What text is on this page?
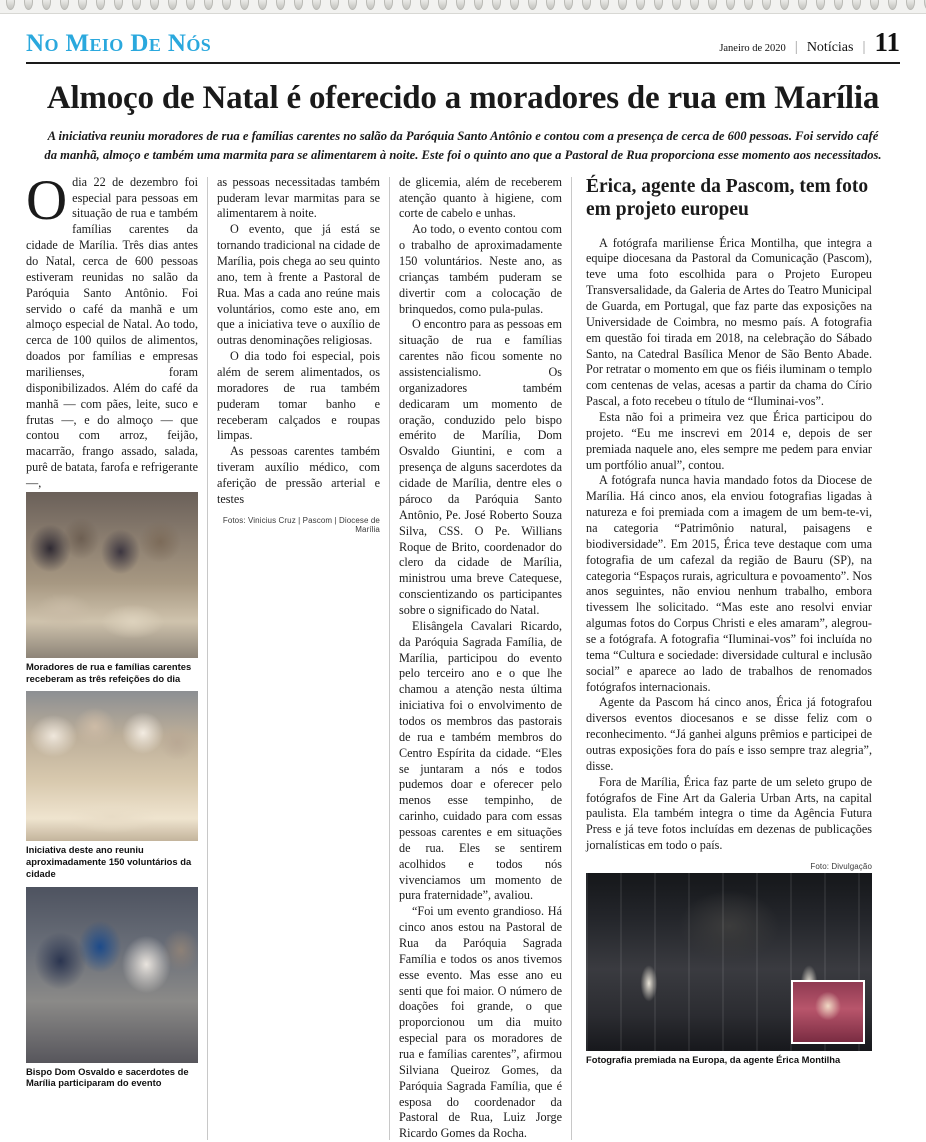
No Meio De Nós	Janeiro de 2020 | Notícias | 11
Almoço de Natal é oferecido a moradores de rua em Marília
A iniciativa reuniu moradores de rua e famílias carentes no salão da Paróquia Santo Antônio e contou com a presença de cerca de 600 pessoas. Foi servido café da manhã, almoço e também uma marmita para se alimentarem à noite. Este foi o quinto ano que a Pastoral de Rua proporciona esse momento aos necessitados.

Odia 22 de dezembro foi especial para pessoas em situação de rua e também famílias carentes da cidade de Marília. Três dias antes do Natal, cerca de 600 pessoas estiveram reunidas no salão da Paróquia Santo Antônio. Foi servido o café da manhã e um almoço especial de Natal. Ao todo, cerca de 100 quilos de alimentos, doados por famílias e empresas marilienses, foram disponibilizados. Além do café da manhã — com pães, leite, suco e frutas —, e do almoço — que contou com arroz, feijão, macarrão, frango assado, salada, purê de batata, farofa e refrigerante —,

Moradores de rua e famílias carentes receberam as três refeições do dia
Iniciativa deste ano reuniu aproximadamente 150 voluntários da cidade
Bispo Dom Osvaldo e sacerdotes de Marília participaram do evento

as pessoas necessitadas também puderam levar marmitas para se alimentarem à noite.

O evento, que já está se tornando tradicional na cidade de Marília, pois chega ao seu quinto ano, tem à frente a Pastoral de Rua. Mas a cada ano reúne mais voluntários, como este ano, em que a iniciativa teve o auxílio de outras denominações religiosas.

O dia todo foi especial, pois além de serem alimentados, os moradores de rua também puderam tomar banho e receberam calçados e roupas limpas.

As pessoas carentes também tiveram auxílio médico, com aferição de pressão arterial e testes

Fotos: Vinicius Cruz | Pascom | Diocese de Marília

de glicemia, além de receberem atenção quanto à higiene, com corte de cabelo e unhas.

Ao todo, o evento contou com o trabalho de aproximadamente 150 voluntários. Neste ano, as crianças também puderam se divertir com a colocação de brinquedos, como pula-pulas.

O encontro para as pessoas em situação de rua e famílias carentes não ficou somente no assistencialismo. Os organizadores também dedicaram um momento de oração, conduzido pelo bispo emérito de Marília, Dom Osvaldo Giuntini, e com a presença de alguns sacerdotes da cidade de Marília, dentre eles o pároco da Paróquia Santo Antônio, Pe. José Roberto Souza Silva, CSS. O Pe. Willians Roque de Brito, coordenador do clero da cidade de Marília, ministrou uma breve Catequese, conscientizando os participantes sobre o significado do Natal.

Elisângela Cavalari Ricardo, da Paróquia Sagrada Família, de Marília, participou do evento pelo terceiro ano e o que lhe chamou a atenção nesta última iniciativa foi o envolvimento de todos os membros das pastorais de rua e também membros do Centro Espírita da cidade. “Eles se juntaram a nós e todos pudemos doar e oferecer pelo menos esse tempinho, de carinho, cuidado para com essas pessoas carentes e em situações de rua. Eles se sentirem acolhidos e todos nós vivenciamos um momento de pura fraternidade”, avaliou.

“Foi um evento grandioso. Há cinco anos estou na Pastoral de Rua da Paróquia Sagrada Família e todos os anos tivemos esse evento. Mas esse ano eu senti que foi maior. O número de doações foi grande, o que proporcionou um dia muito especial para os moradores de rua e famílias carentes”, afirmou Silviana Queiroz Gomes, da Paróquia Sagrada Família, que é esposa do coordenador da Pastoral de Rua, Luiz Jorge Ricardo Gomes da Rocha.

Érica, agente da Pascom, tem foto em projeto europeu

A fotógrafa mariliense Érica Montilha, que integra a equipe diocesana da Pastoral da Comunicação (Pascom), teve uma foto escolhida para o Projeto Europeu Transversalidade, da Galeria de Artes do Teatro Municipal de Guarda, em Portugal, que faz parte das exposições na Universidade de Coimbra, no mesmo país. A fotografia em questão foi tirada em 2018, na celebração do Sábado Santo, na Catedral Basílica Menor de São Bento Abade. Por retratar o momento em que os fiéis iluminam o templo com centenas de velas, acesas a partir da chama do Círio Pascal, a foto recebeu o título de “Iluminai-vos”.

Esta não foi a primeira vez que Érica participou do projeto. “Eu me inscrevi em 2014 e, depois de ser premiada naquele ano, eles sempre me pedem para enviar um portfólio anual”, contou.

A fotógrafa nunca havia mandado fotos da Diocese de Marília. Há cinco anos, ela enviou fotografias ligadas à natureza e foi premiada com a imagem de um bem-te-vi, na categoria “Patrimônio natural, paisagens e biodiversidade”. Em 2015, Érica teve destaque com uma fotografia de um cafezal da região de Bauru (SP), na categoria “Espaços rurais, agricultura e povoamento”. Nos anos seguintes, não enviou nenhum trabalho, embora tivessem lhe solicitado. “Mas este ano resolvi enviar algumas fotos do Corpus Christi e eles amaram”, alegrou-se a fotógrafa. A fotografia “Iluminai-vos” foi incluída no tema “Cultura e sociedade: diversidade cultural e inclusão social” e aparece ao lado de trabalhos de renomados fotógrafos internacionais.

Agente da Pascom há cinco anos, Érica já fotografou diversos eventos diocesanos e se disse feliz com o reconhecimento. “Já ganhei alguns prêmios e participei de outras exposições fora do país e isso sempre traz alegria”, disse.

Fora de Marília, Érica faz parte de um seleto grupo de fotógrafos de Fine Art da Galeria Urban Arts, na capital paulista. Ela também integra o time da Agência Futura Press e já teve fotos incluídas em dezenas de publicações jornalísticas em todo o país.

Foto: Divulgação
Fotografia premiada na Europa, da agente Érica Montilha
